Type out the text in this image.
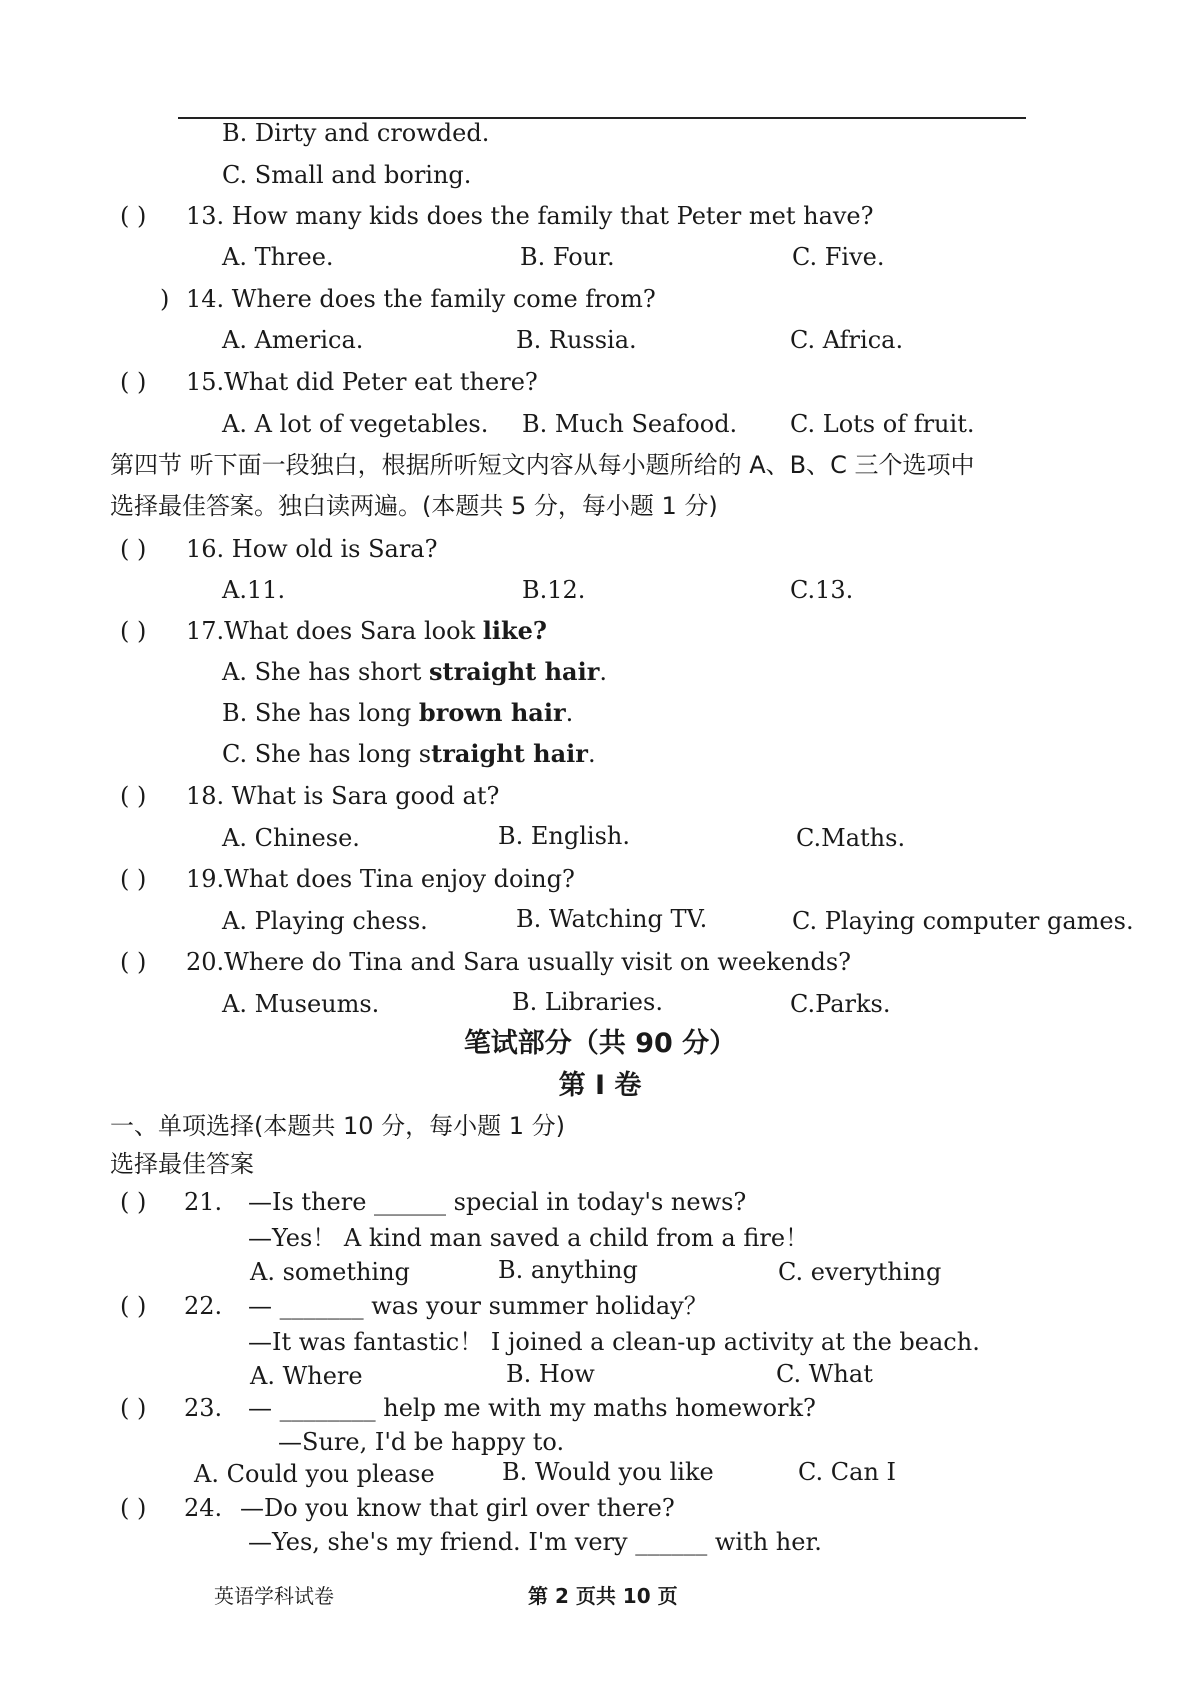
B. Dirty and crowded.
C. Small and boring.
( ) 13. How many kids does the family that Peter met have?
A. Three.	B. Four.	C. Five.
) 14. Where does the family come from?
A. America.	B. Russia.	C. Africa.
( ) 15.What did Peter eat there?
A. A lot of vegetables. B. Much Seafood. C. Lots of fruit.
第四节 听下面一段独白，根据所听短文内容从每小题所给的 A、B、C 三个选项中
选择最佳答案。独白读两遍。(本题共 5 分，每小题 1 分)
( ) 16. How old is Sara?
A.11.	B.12.	C.13.
( ) 17.What does Sara look like?
A. She has short straight hair.
B. She has long brown hair.
C. She has long straight hair.
( ) 18. What is Sara good at?
A. Chinese.	B. English.	C.Maths.
( ) 19.What does Tina enjoy doing?
A. Playing chess.	B. Watching TV.	C. Playing computer games.
( ) 20.Where do Tina and Sara usually visit on weekends?
A. Museums.	B. Libraries.	C.Parks.
笔试部分（共 90 分）
第 I 卷
一、单项选择(本题共 10 分，每小题 1 分)
选择最佳答案
( ) 21. —Is there ______ special in today's news?
—Yes！ A kind man saved a child from a fire！
A. something	B. anything	C. everything
( ) 22. — _______ was your summer holiday？
—It was fantastic！ I joined a clean-up activity at the beach.
A. Where	B. How	C. What
( ) 23. — ________ help me with my maths homework?
—Sure, I'd be happy to.
A. Could you please	B. Would you like	C. Can I
( ) 24. —Do you know that girl over there?
—Yes, she's my friend. I'm very ______ with her.
英语学科试卷	第 2 页共 10 页
